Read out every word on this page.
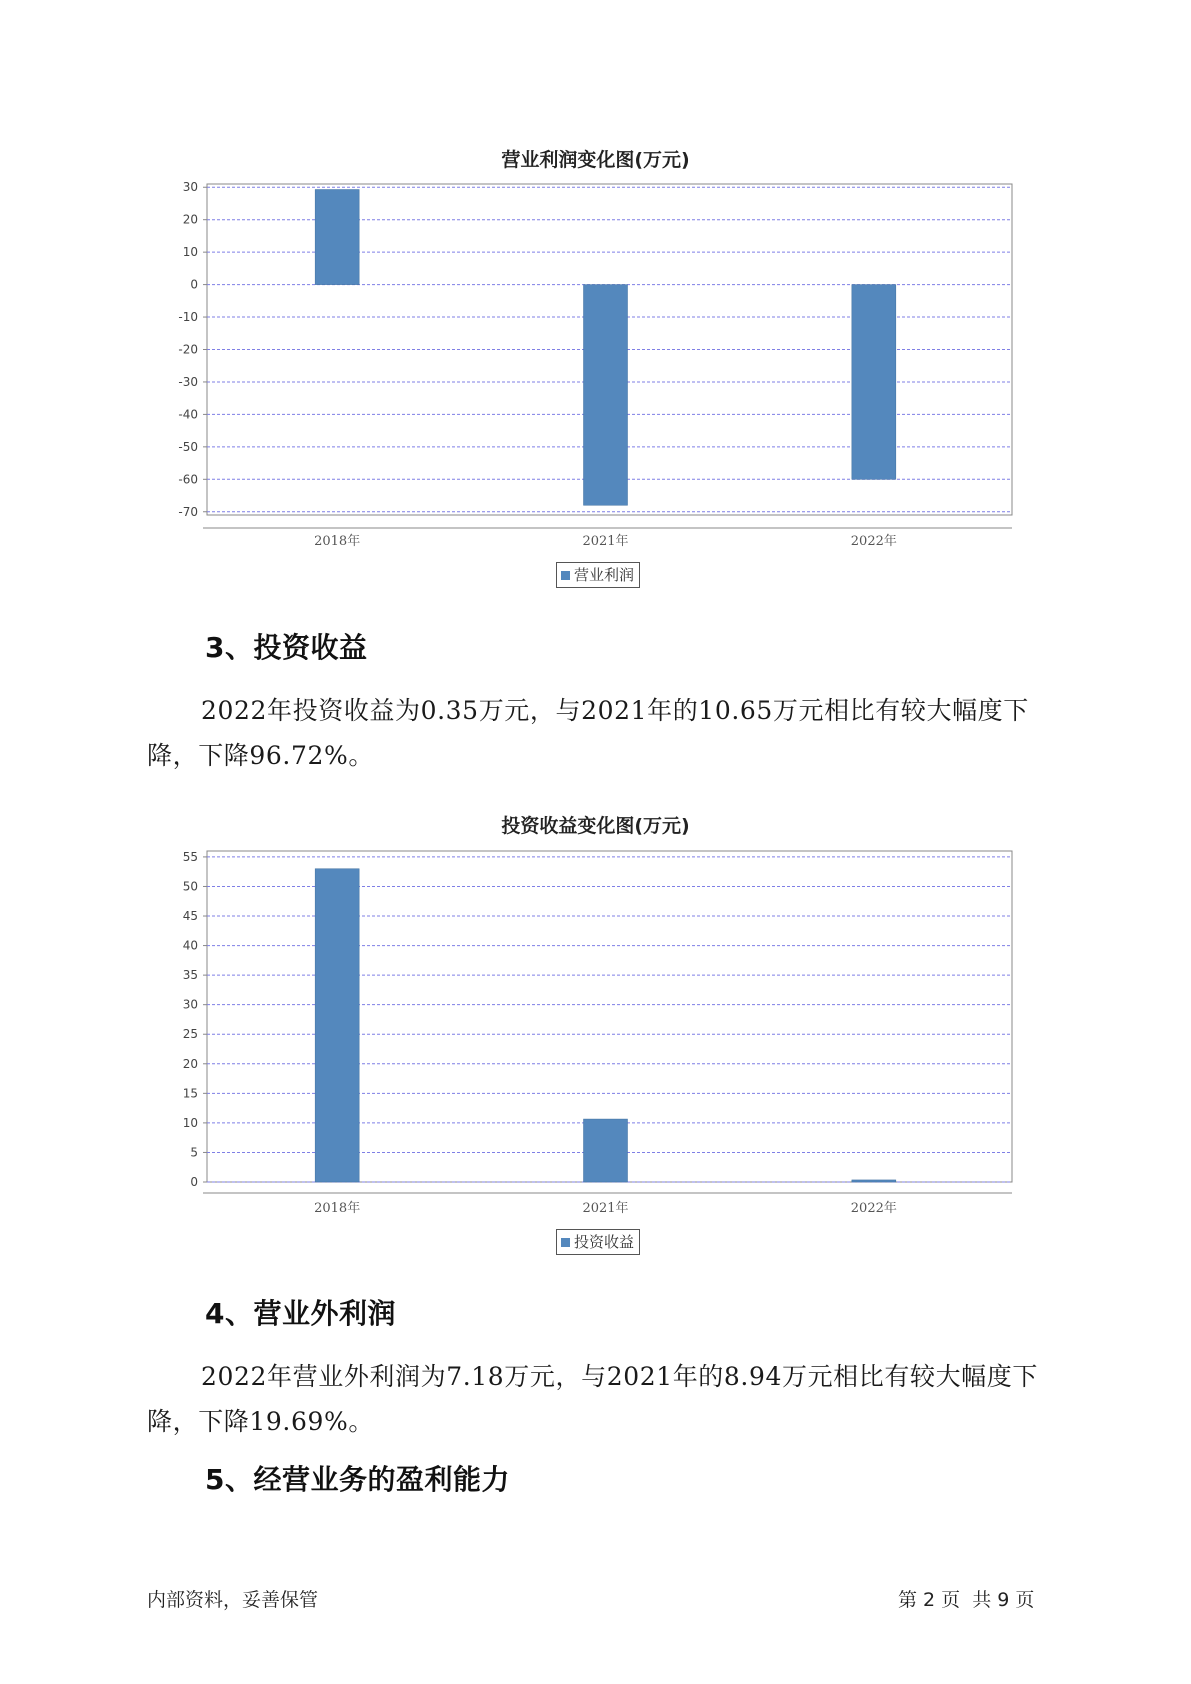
营业利润变化图(万元)
30
20
10
0
-10
-20
-30
-40
-50
-60
-70
2018年	2021年	2022年
营业利润
3、投资收益
2022年投资收益为0.35万元，与2021年的10.65万元相比有较大幅度下降，下降96.72%。
投资收益变化图(万元)
55
50
45
40
35
30
25
20
15
10
5
0
2018年	2021年	2022年
投资收益
4、营业外利润
2022年营业外利润为7.18万元，与2021年的8.94万元相比有较大幅度下降，下降19.69%。
5、经营业务的盈利能力
内部资料，妥善保管	第 2 页  共 9 页
